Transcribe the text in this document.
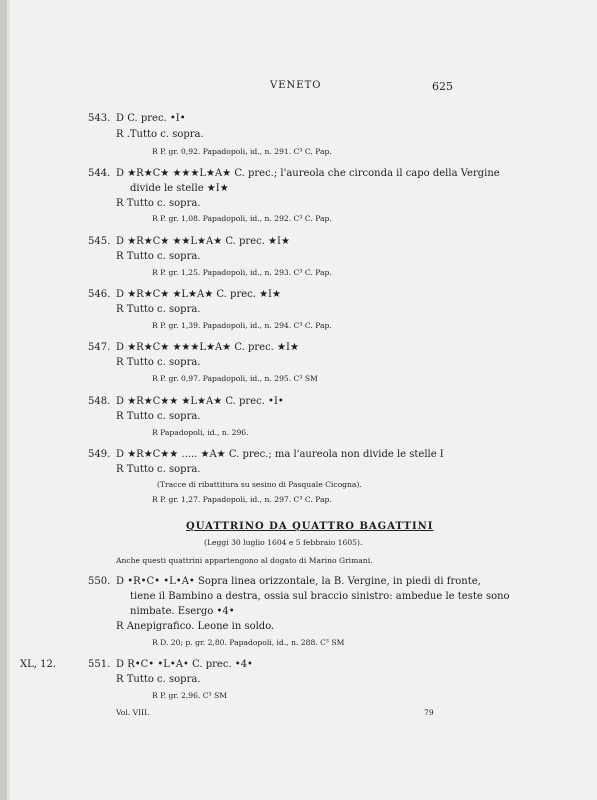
VENETO	625
543. D C. prec. •I•
R .Tutto c. sopra.
R P. gr. 0,92. Papadopoli, id., n. 291. C³ C. Pap.
544. D ★R★C★ ★★★L★A★ C. prec.; l'aureola che circonda il capo della Vergine
divide le stelle ★I★
R Tutto c. sopra.
R P. gr. 1,08. Papadopoli, id., n. 292. C³ C. Pap.
545. D ★R★C★ ★★L★A★ C. prec. ★I★
R Tutto c. sopra.
R P. gr. 1,25. Papadopoli, id., n. 293. C³ C. Pap.
546. D ★R★C★ ★L★A★ C. prec. ★I★
R Tutto c. sopra.
R P. gr. 1,39. Papadopoli, id., n. 294. C³ C. Pap.
547. D ★R★C★ ★★★L★A★ C. prec. ★I★
R Tutto c. sopra.
R P. gr. 0,97. Papadopoli, id., n. 295. C³ SM
548. D ★R★C★★ ★L★A★ C. prec. •I•
R Tutto c. sopra.
R Papadopoli, id., n. 296.
549. D ★R★C★★ ..... ★A★ C. prec.; ma l'aureola non divide le stelle I
R Tutto c. sopra.
(Tracce di ribattitura su sesino di Pasquale Cicogna).
R P. gr. 1,27. Papadopoli, id., n. 297. C³ C. Pap.
QUATTRINO DA QUATTRO BAGATTINI
(Leggi 30 luglio 1604 e 5 febbraio 1605).
Anche questi quattrini appartengono al dogato di Marino Grimani.
550. D •R•C• •L•A• Sopra linea orizzontale, la B. Vergine, in piedi di fronte,
tiene il Bambino a destra, ossia sul braccio sinistro: ambedue le teste sono
nimbate. Esergo •4•
R Anepigrafico. Leone in soldo.
R D. 20; p. gr. 2,80. Papadopoli, id., n. 288. C³ SM
XL, 12.	551. D R•C• •L•A• C. prec. •4•
R Tutto c. sopra.
R P. gr. 2,96. C³ SM
Vol. VIII.	79
